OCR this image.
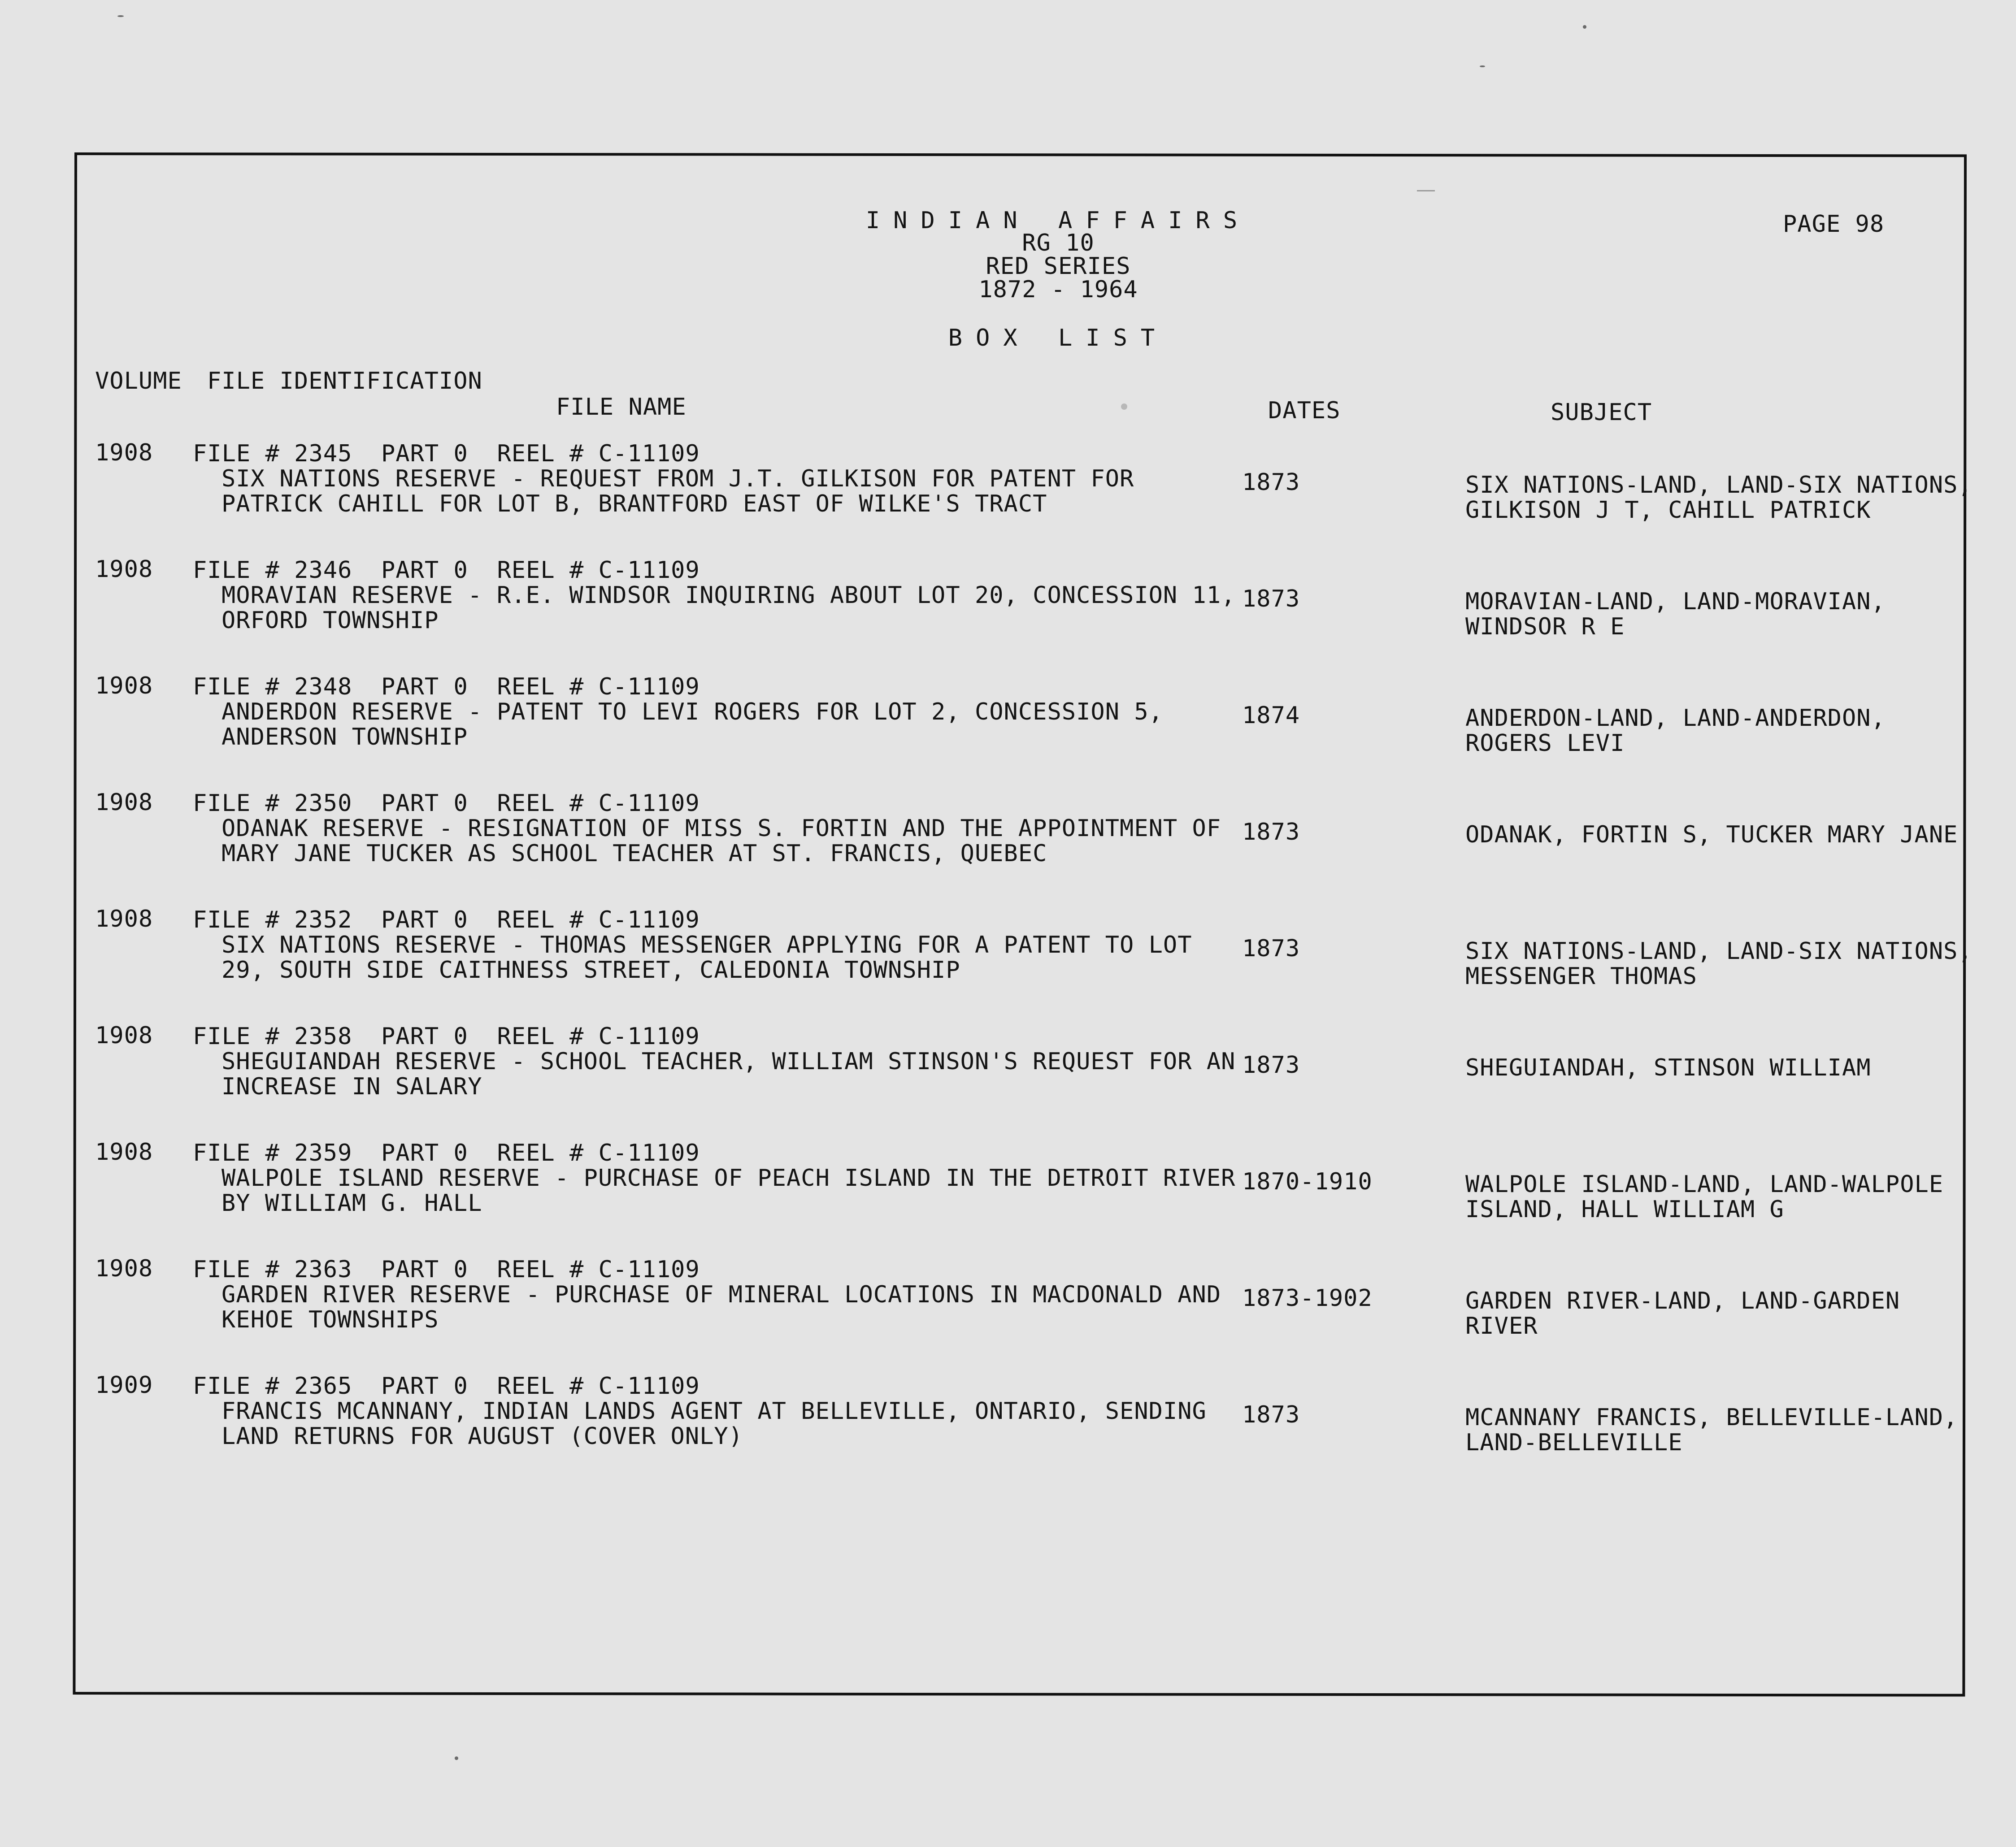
INDIAN AFFAIRS
RG 10
RED SERIES
1872 - 1964
BOX LIST
PAGE 98
VOLUME FILE IDENTIFICATION
FILE NAME	DATES	SUBJECT
1908 FILE # 2345  PART 0  REEL # C-11109
SIX NATIONS RESERVE - REQUEST FROM J.T. GILKISON FOR PATENT FOR
PATRICK CAHILL FOR LOT B, BRANTFORD EAST OF WILKE'S TRACT
1873	SIX NATIONS-LAND, LAND-SIX NATIONS,
GILKISON J T, CAHILL PATRICK
1908 FILE # 2346  PART 0  REEL # C-11109
MORAVIAN RESERVE - R.E. WINDSOR INQUIRING ABOUT LOT 20, CONCESSION 11,
ORFORD TOWNSHIP
1873	MORAVIAN-LAND, LAND-MORAVIAN,
WINDSOR R E
1908 FILE # 2348  PART 0  REEL # C-11109
ANDERDON RESERVE - PATENT TO LEVI ROGERS FOR LOT 2, CONCESSION 5,
ANDERSON TOWNSHIP
1874	ANDERDON-LAND, LAND-ANDERDON,
ROGERS LEVI
1908 FILE # 2350  PART 0  REEL # C-11109
ODANAK RESERVE - RESIGNATION OF MISS S. FORTIN AND THE APPOINTMENT OF
MARY JANE TUCKER AS SCHOOL TEACHER AT ST. FRANCIS, QUEBEC
1873	ODANAK, FORTIN S, TUCKER MARY JANE
1908 FILE # 2352  PART 0  REEL # C-11109
SIX NATIONS RESERVE - THOMAS MESSENGER APPLYING FOR A PATENT TO LOT
29, SOUTH SIDE CAITHNESS STREET, CALEDONIA TOWNSHIP
1873	SIX NATIONS-LAND, LAND-SIX NATIONS,
MESSENGER THOMAS
1908 FILE # 2358  PART 0  REEL # C-11109
SHEGUIANDAH RESERVE - SCHOOL TEACHER, WILLIAM STINSON'S REQUEST FOR AN
INCREASE IN SALARY
1873	SHEGUIANDAH, STINSON WILLIAM
1908 FILE # 2359  PART 0  REEL # C-11109
WALPOLE ISLAND RESERVE - PURCHASE OF PEACH ISLAND IN THE DETROIT RIVER
BY WILLIAM G. HALL
1870-1910	WALPOLE ISLAND-LAND, LAND-WALPOLE
ISLAND, HALL WILLIAM G
1908 FILE # 2363  PART 0  REEL # C-11109
GARDEN RIVER RESERVE - PURCHASE OF MINERAL LOCATIONS IN MACDONALD AND
KEHOE TOWNSHIPS
1873-1902	GARDEN RIVER-LAND, LAND-GARDEN
RIVER
1909 FILE # 2365  PART 0  REEL # C-11109
FRANCIS MCANNANY, INDIAN LANDS AGENT AT BELLEVILLE, ONTARIO, SENDING
LAND RETURNS FOR AUGUST (COVER ONLY)
1873	MCANNANY FRANCIS, BELLEVILLE-LAND,
LAND-BELLEVILLE
